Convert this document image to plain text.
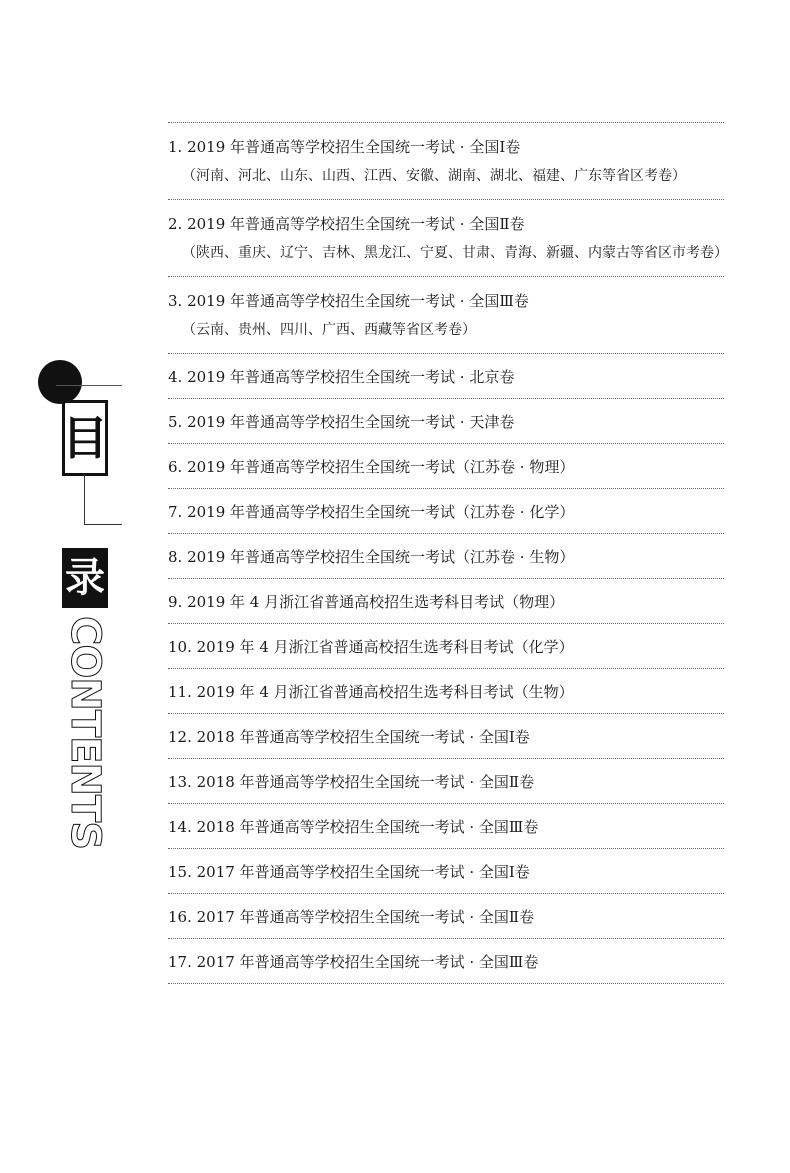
目
录
CONTENTS
1. 2019 年普通高等学校招生全国统一考试 · 全国Ⅰ卷
（河南、河北、山东、山西、江西、安徽、湖南、湖北、福建、广东等省区考卷）
2. 2019 年普通高等学校招生全国统一考试 · 全国Ⅱ卷
（陕西、重庆、辽宁、吉林、黑龙江、宁夏、甘肃、青海、新疆、内蒙古等省区市考卷）
3. 2019 年普通高等学校招生全国统一考试 · 全国Ⅲ卷
（云南、贵州、四川、广西、西藏等省区考卷）
4. 2019 年普通高等学校招生全国统一考试 · 北京卷
5. 2019 年普通高等学校招生全国统一考试 · 天津卷
6. 2019 年普通高等学校招生全国统一考试（江苏卷 · 物理）
7. 2019 年普通高等学校招生全国统一考试（江苏卷 · 化学）
8. 2019 年普通高等学校招生全国统一考试（江苏卷 · 生物）
9. 2019 年 4 月浙江省普通高校招生选考科目考试（物理）
10. 2019 年 4 月浙江省普通高校招生选考科目考试（化学）
11. 2019 年 4 月浙江省普通高校招生选考科目考试（生物）
12. 2018 年普通高等学校招生全国统一考试 · 全国Ⅰ卷
13. 2018 年普通高等学校招生全国统一考试 · 全国Ⅱ卷
14. 2018 年普通高等学校招生全国统一考试 · 全国Ⅲ卷
15. 2017 年普通高等学校招生全国统一考试 · 全国Ⅰ卷
16. 2017 年普通高等学校招生全国统一考试 · 全国Ⅱ卷
17. 2017 年普通高等学校招生全国统一考试 · 全国Ⅲ卷
